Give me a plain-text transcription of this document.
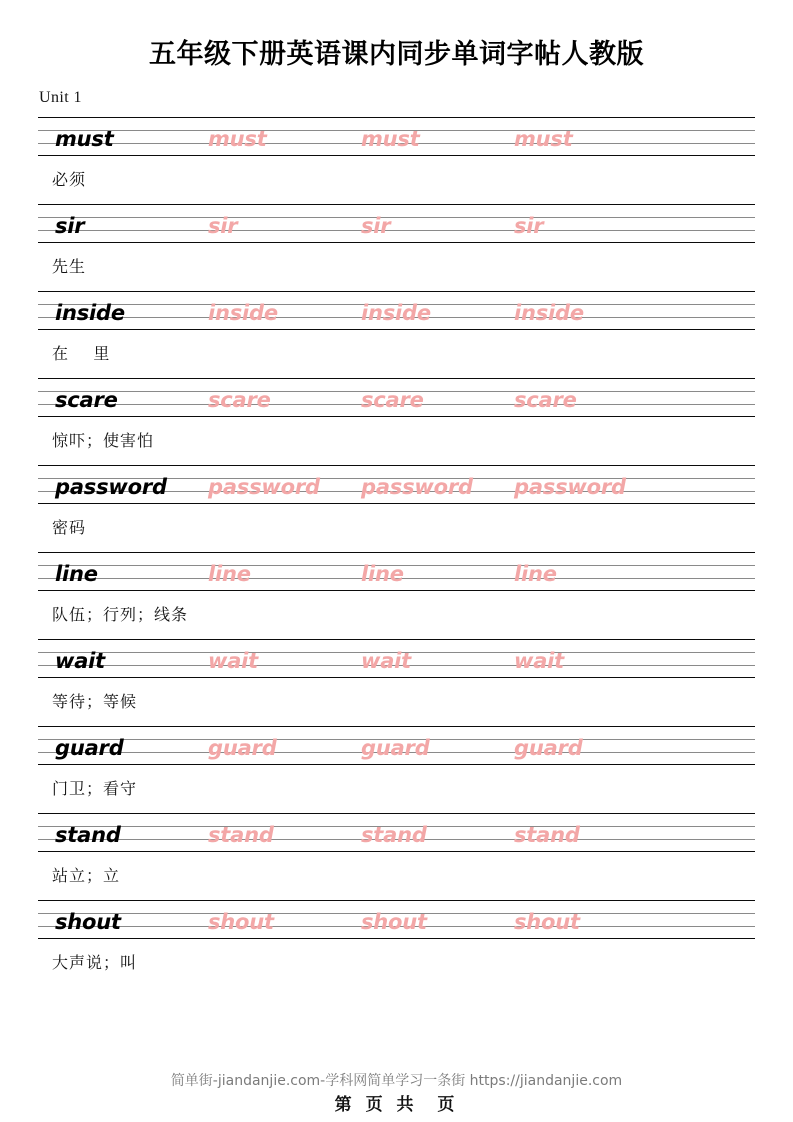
五年级下册英语课内同步单词字帖人教版
Unit 1
must	must	must	must
必须
sir	sir	sir	sir
先生
inside	inside	inside	inside
在    里
scare	scare	scare	scare
惊吓；使害怕
password password password password
密码
line	line	line	line
队伍；行列；线条
wait	wait	wait	wait
等待；等候
guard	guard	guard	guard
门卫；看守
stand	stand	stand	stand
站立；立
shout	shout	shout	shout
大声说；叫
简单街-jiandanjie.com-学科网简单学习一条街 https://jiandanjie.com
第 页 共  页
